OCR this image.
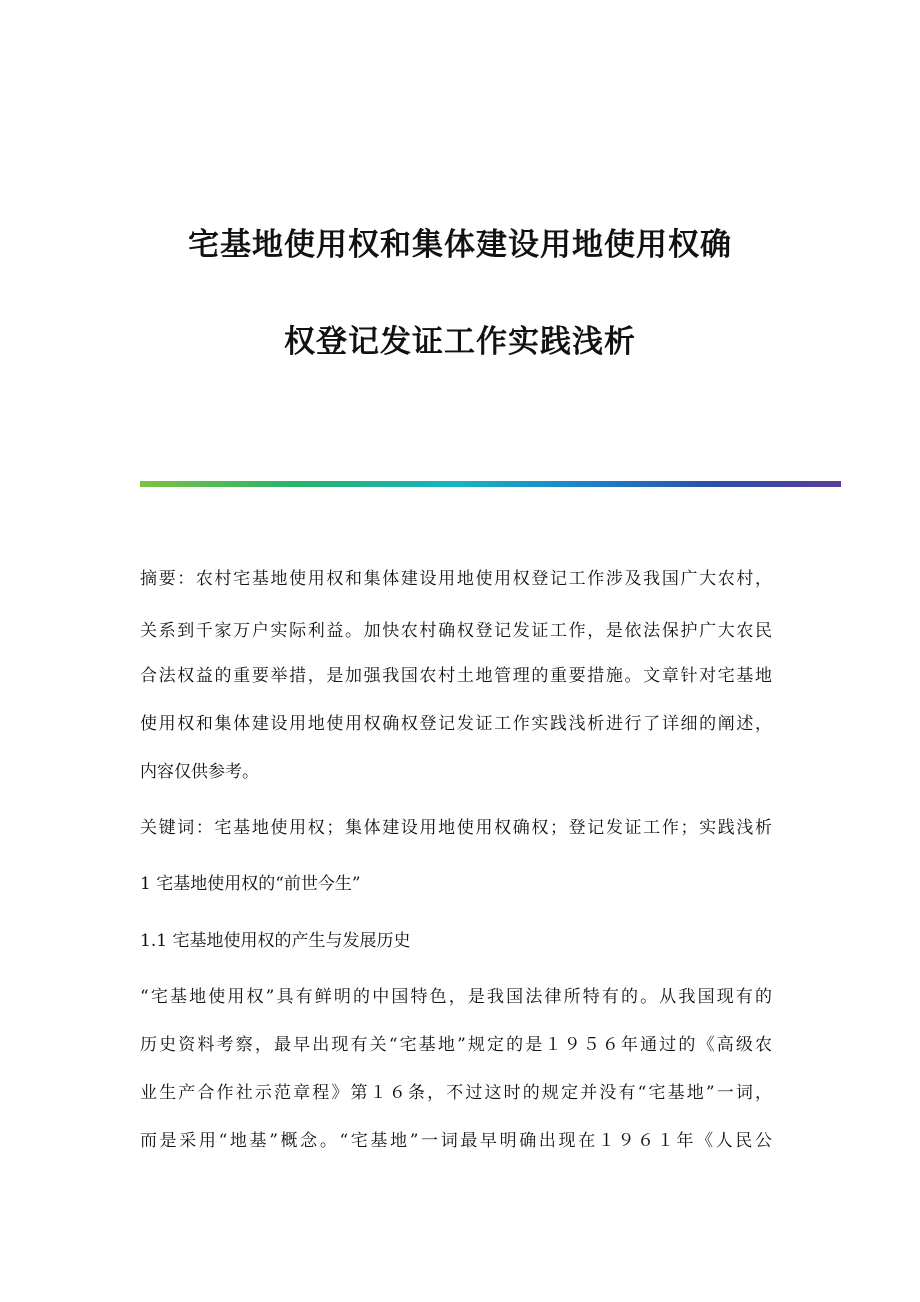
宅基地使用权和集体建设用地使用权确
权登记发证工作实践浅析
摘要：农村宅基地使用权和集体建设用地使用权登记工作涉及我国广大农村，
关系到千家万户实际利益。加快农村确权登记发证工作，是依法保护广大农民
合法权益的重要举措，是加强我国农村土地管理的重要措施。文章针对宅基地
使用权和集体建设用地使用权确权登记发证工作实践浅析进行了详细的阐述，
内容仅供参考。
关键词：宅基地使用权；集体建设用地使用权确权；登记发证工作；实践浅析
1 宅基地使用权的“前世今生”
1.1 宅基地使用权的产生与发展历史
“宅基地使用权”具有鲜明的中国特色，是我国法律所特有的。从我国现有的
历史资料考察，最早出现有关“宅基地”规定的是１９５６年通过的《高级农
业生产合作社示范章程》第１６条，不过这时的规定并没有“宅基地”一词，
而是采用“地基”概念。“宅基地”一词最早明确出现在１９６１年《人民公
